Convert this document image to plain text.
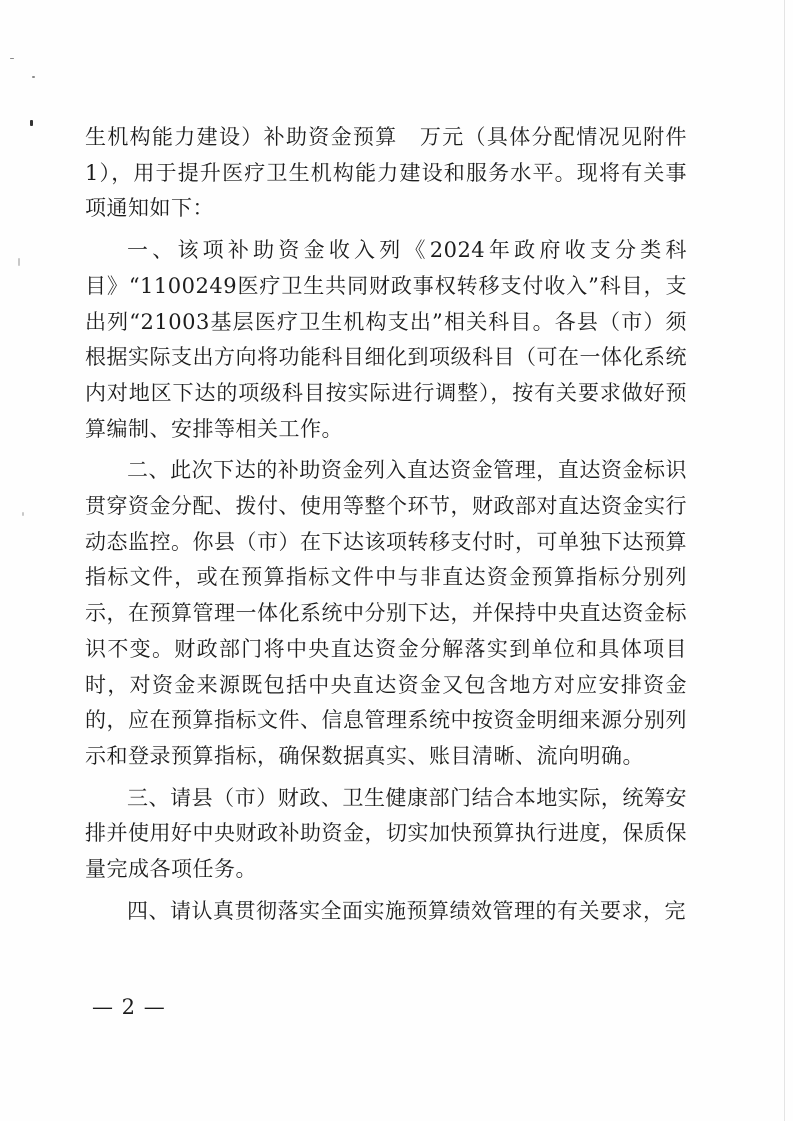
生机构能力建设）补助资金预算　万元（具体分配情况见附件1），用于提升医疗卫生机构能力建设和服务水平。现将有关事项通知如下：

一、该项补助资金收入列《2024年政府收支分类科目》“1100249医疗卫生共同财政事权转移支付收入”科目，支出列“21003基层医疗卫生机构支出”相关科目。各县（市）须根据实际支出方向将功能科目细化到项级科目（可在一体化系统内对地区下达的项级科目按实际进行调整），按有关要求做好预算编制、安排等相关工作。

二、此次下达的补助资金列入直达资金管理，直达资金标识贯穿资金分配、拨付、使用等整个环节，财政部对直达资金实行动态监控。你县（市）在下达该项转移支付时，可单独下达预算指标文件，或在预算指标文件中与非直达资金预算指标分别列示，在预算管理一体化系统中分别下达，并保持中央直达资金标识不变。财政部门将中央直达资金分解落实到单位和具体项目时，对资金来源既包括中央直达资金又包含地方对应安排资金的，应在预算指标文件、信息管理系统中按资金明细来源分别列示和登录预算指标，确保数据真实、账目清晰、流向明确。

三、请县（市）财政、卫生健康部门结合本地实际，统筹安排并使用好中央财政补助资金，切实加快预算执行进度，保质保量完成各项任务。

四、请认真贯彻落实全面实施预算绩效管理的有关要求，完

— 2 —
